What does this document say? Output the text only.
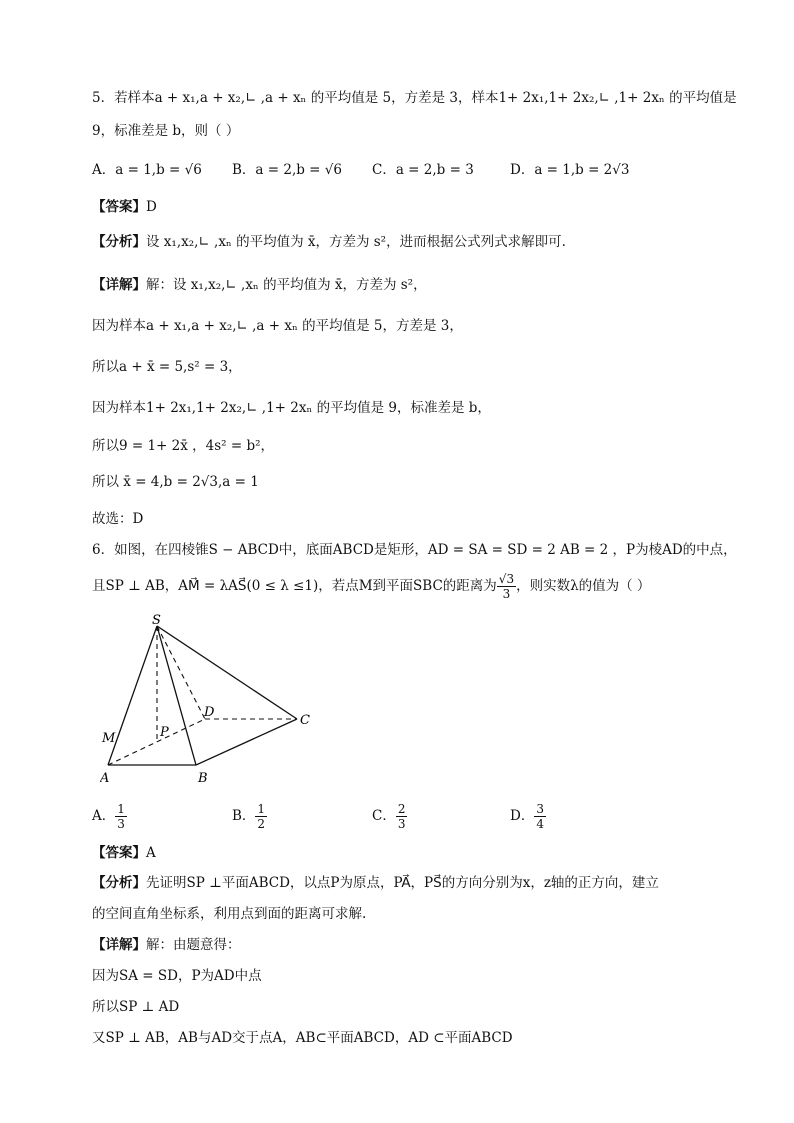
5．若样本a + x₁,a + x₂,∟ ,a + xₙ 的平均值是 5，方差是 3，样本1+ 2x₁,1+ 2x₂,∟ ,1+ 2xₙ 的平均值是
9，标准差是 b，则（ ）
A．a = 1,b = √6 B．a = 2,b = √6 C．a = 2,b = 3	D．a = 1,b = 2√3
【答案】D
【分析】设 x₁,x₂,∟ ,xₙ 的平均值为 x̄，方差为 s²，进而根据公式列式求解即可.
【详解】解：设 x₁,x₂,∟ ,xₙ 的平均值为 x̄，方差为 s²，
因为样本a + x₁,a + x₂,∟ ,a + xₙ 的平均值是 5，方差是 3，
所以a + x̄ = 5,s² = 3，
因为样本1+ 2x₁,1+ 2x₂,∟ ,1+ 2xₙ 的平均值是 9，标准差是 b，
所以9 = 1+ 2x̄ ，4s² = b²，
所以 x̄ = 4,b = 2√3,a = 1
故选：D
6．如图，在四棱锥S − ABCD中，底面ABCD是矩形，AD = SA = SD = 2 AB = 2 ，P为棱AD的中点，
且SP ⊥ AB，AM⃗ = λAS⃗(0 ≤ λ ≤1)，若点M到平面SBC的距离为 $\frac{√3}{3}$ ，则实数λ的值为（ ）
S
D
C
M	P
A	B
A． $\frac{1}{3}$	B． $\frac{1}{2}$	C． $\frac{2}{3}$	D． $\frac{3}{4}$
【答案】A
【分析】先证明SP ⊥平面ABCD，以点P为原点，PA⃗，PS⃗的方向分别为x，z轴的正方向，建立
的空间直角坐标系，利用点到面的距离可求解.
【详解】解：由题意得：
因为SA = SD，P为AD中点
所以SP ⊥ AD
又SP ⊥ AB，AB与AD交于点A，AB⊂平面ABCD，AD ⊂平面ABCD
